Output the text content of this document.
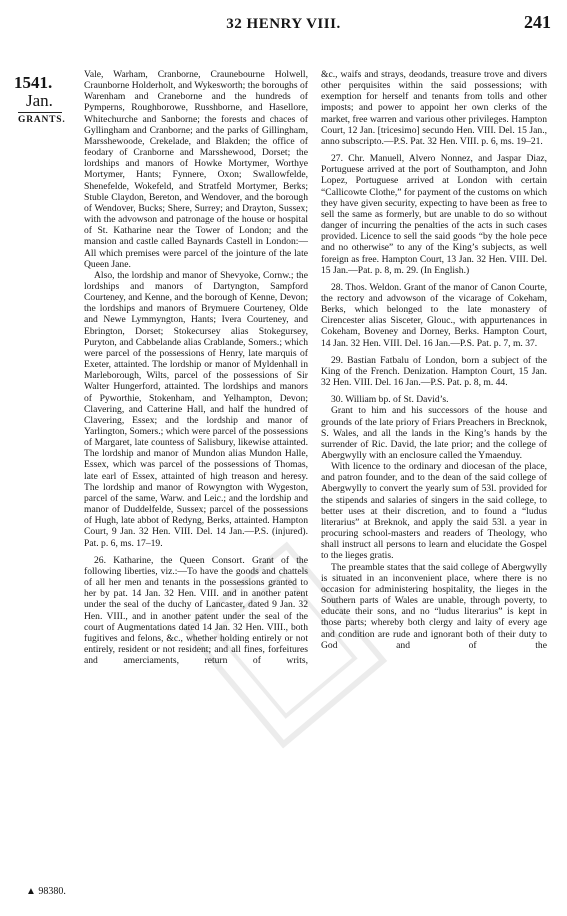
32 HENRY VIII.	241
1541.
Jan.
GRANTS.

Vale, Warham, Cranborne, Craunebourne Holwell, Craunborne Holderholt, and Wykesworth; the boroughs of Warenham and Craneborne and the hundreds of Pymperns, Roughborowe, Russhborne, and Hasellore, Whitechurche and Sanborne; the forests and chaces of Gyllingham and Cranborne; and the parks of Gillingham, Marsshewoode, Crekelade, and Blakden; the office of feodary of Cranborne and Marsshewood, Dorset; the lordships and manors of Howke Mortymer, Worthye Mortymer, Hants; Fynnere, Oxon; Swallowfelde, Shenefelde, Wokefeld, and Stratfeld Mortymer, Berks; Stuble Claydon, Bereton, and Wendover, and the borough of Wendover, Bucks; Shere, Surrey; and Drayton, Sussex; with the advowson and patronage of the house or hospital of St. Katharine near the Tower of London; and the mansion and castle called Baynards Castell in London:—All which premises were parcel of the jointure of the late Queen Jane.

Also, the lordship and manor of Shevyoke, Cornw.; the lordships and manors of Dartyngton, Sampford Courteney, and Kenne, and the borough of Kenne, Devon; the lordships and manors of Brymuere Courteney, Olde and Newe Lymmyngton, Hants; Ivera Courteney, and Ebrington, Dorset; Stokecursey alias Stokegursey, Puryton, and Cabbelande alias Crablande, Somers.; which were parcel of the possessions of Henry, late marquis of Exeter, attainted. The lordship or manor of Myldenhall in Marleborough, Wilts, parcel of the possessions of Sir Walter Hungerford, attainted. The lordships and manors of Pyworthie, Stokenham, and Yelhampton, Devon; Clavering, and Catterine Hall, and half the hundred of Clavering, Essex; and the lordship and manor of Yarlington, Somers.; which were parcel of the possessions of Margaret, late countess of Salisbury, likewise attainted. The lordship and manor of Mundon alias Mundon Halle, Essex, which was parcel of the possessions of Thomas, late earl of Essex, attainted of high treason and heresy. The lordship and manor of Rowyngton with Wygeston, parcel of the same, Warw. and Leic.; and the lordship and manor of Duddelfelde, Sussex; parcel of the possessions of Hugh, late abbot of Redyng, Berks, attainted. Hampton Court, 9 Jan. 32 Hen. VIII. Del. 14 Jan.—P.S. (injured). Pat. p. 6, ms. 17–19.

26. Katharine, the Queen Consort. Grant of the following liberties, viz.:—To have the goods and chattels of all her men and tenants in the possessions granted to her by pat. 14 Jan. 32 Hen. VIII. and in another patent under the seal of the duchy of Lancaster, dated 9 Jan. 32 Hen. VIII., and in another patent under the seal of the court of Augmentations dated 14 Jan. 32 Hen. VIII., both fugitives and felons, &c., whether holding entirely or not entirely, resident or not resident; and all fines, forfeitures and amerciaments, return of writs,

&c., waifs and strays, deodands, treasure trove and divers other perquisites within the said possessions; with exemption for herself and tenants from tolls and other imposts; and power to appoint her own clerks of the market, free warren and various other privileges. Hampton Court, 12 Jan. [tricesimo] secundo Hen. VIII. Del. 15 Jan., anno subscripto.—P.S. Pat. 32 Hen. VIII. p. 6, ms. 19–21.

27. Chr. Manuell, Alvero Nonnez, and Jaspar Diaz, Portuguese arrived at the port of Southampton, and John Lopez, Portuguese arrived at London with certain “Callicowte Clothe,” for payment of the customs on which they have given security, expecting to have been as free to sell the same as formerly, but are unable to do so without danger of incurring the penalties of the acts in such cases provided. Licence to sell the said goods “by the hole pece and no otherwise” to any of the King’s subjects, as well foreign as free. Hampton Court, 13 Jan. 32 Hen. VIII. Del. 15 Jan.—Pat. p. 8, m. 29. (In English.)

28. Thos. Weldon. Grant of the manor of Canon Courte, the rectory and advowson of the vicarage of Cokeham, Berks, which belonged to the late monastery of Cirencester alias Sisceter, Glouc., with appurtenances in Cokeham, Boveney and Dorney, Berks. Hampton Court, 14 Jan. 32 Hen. VIII. Del. 16 Jan.—P.S. Pat. p. 7, m. 37.

29. Bastian Fatbalu of London, born a subject of the King of the French. Denization. Hampton Court, 15 Jan. 32 Hen. VIII. Del. 16 Jan.—P.S. Pat. p. 8, m. 44.

30. William bp. of St. David’s.

Grant to him and his successors of the house and grounds of the late priory of Friars Preachers in Brecknok, S. Wales, and all the lands in the King’s hands by the surrender of Ric. David, the late prior; and the college of Abergwylly with an enclosure called the Ymaenduy.

With licence to the ordinary and diocesan of the place, and patron founder, and to the dean of the said college of Abergwylly to convert the yearly sum of 53l. provided for the stipends and salaries of singers in the said college, to better uses at their discretion, and to found a “ludus literarius” at Breknok, and apply the said 53l. a year in procuring school-masters and readers of Theology, who shall instruct all persons to learn and elucidate the Gospel to the lieges gratis.

The preamble states that the said college of Abergwylly is situated in an inconvenient place, where there is no occasion for administering hospitality, the lieges in the Southern parts of Wales are unable, through poverty, to educate their sons, and no “ludus literarius” is kept in those parts; whereby both clergy and laity of every age and condition are rude and ignorant both of their duty to God and of the

▲ 98380.
